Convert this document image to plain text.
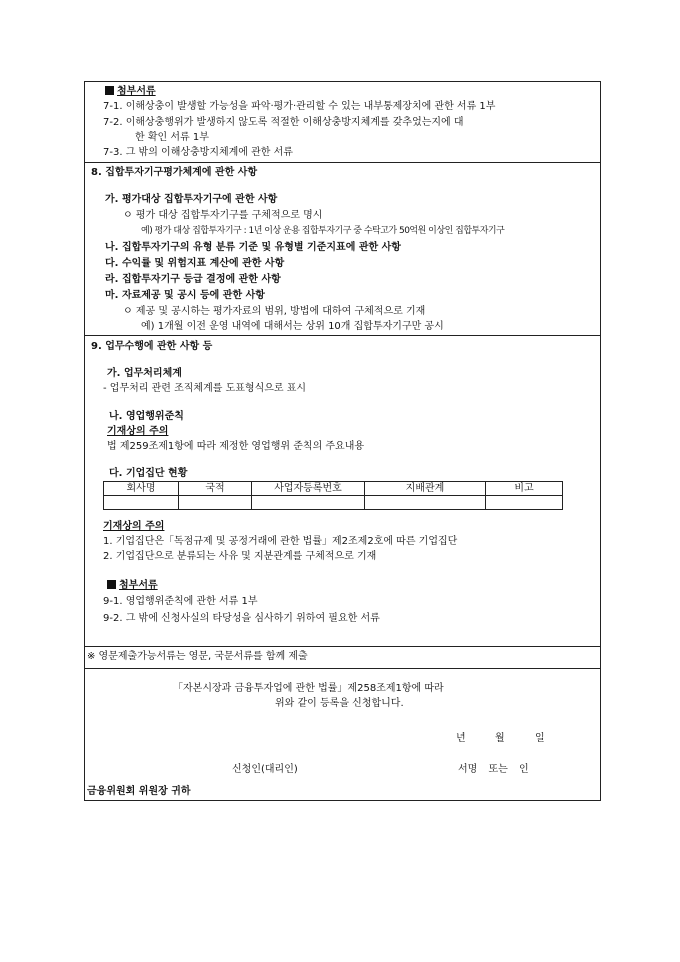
첨부서류
7-1. 이해상충이 발생할 가능성을 파악·평가·관리할 수 있는 내부통제장치에 관한 서류 1부
7-2. 이해상충행위가 발생하지 않도록 적절한 이해상충방지체계를 갖추었는지에 대
한 확인 서류 1부
7-3. 그 밖의 이해상충방지체계에 관한 서류
8. 집합투자기구평가체계에 관한 사항
가. 평가대상 집합투자기구에 관한 사항
ㅇ 평가 대상 집합투자기구를 구체적으로 명시
예) 평가 대상 집합투자기구 : 1년 이상 운용 집합투자기구 중 수탁고가 50억원 이상인 집합투자기구
나. 집합투자기구의 유형 분류 기준 및 유형별 기준지표에 관한 사항
다. 수익률 및 위험지표 계산에 관한 사항
라. 집합투자기구 등급 결정에 관한 사항
마. 자료제공 및 공시 등에 관한 사항
ㅇ 제공 및 공시하는 평가자료의 범위, 방법에 대하여 구체적으로 기재
예) 1개월 이전 운영 내역에 대해서는 상위 10개 집합투자기구만 공시
9. 업무수행에 관한 사항 등
가. 업무처리체계
- 업무처리 관련 조직체계를 도표형식으로 표시
나. 영업행위준칙
기재상의 주의
법 제259조제1항에 따라 제정한 영업행위 준칙의 주요내용
다. 기업집단 현황
회사명	국적	사업자등록번호	지배관계	비고

기재상의 주의
1. 기업집단은「독점규제 및 공정거래에 관한 법률」제2조제2호에 따른 기업집단
2. 기업집단으로 분류되는 사유 및 지분관계를 구체적으로 기재
첨부서류
9-1. 영업행위준칙에 관한 서류 1부
9-2. 그 밖에 신청사실의 타당성을 심사하기 위하여 필요한 서류
※ 영문제출가능서류는 영문, 국문서류를 함께 제출
「자본시장과 금융투자업에 관한 법률」제258조제1항에 따라
위와 같이 등록을 신청합니다.
년	월	일
신청인(대리인)	서명 또는 인
금융위원회 위원장 귀하
